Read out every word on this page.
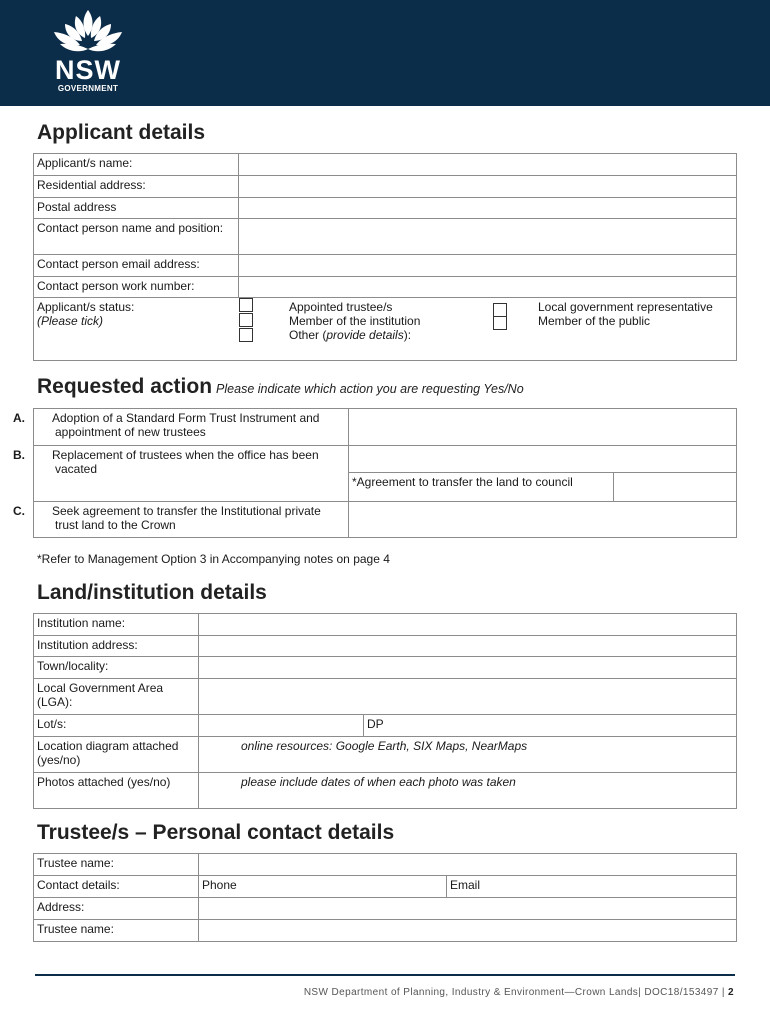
NSW
GOVERNMENT
Applicant details
Applicant/s name:	
Residential address:	
Postal address	
Contact person name and position:	
Contact person email address:	
Contact person work number:	

Applicant/s status:
(Please tick)	
Appointed trustee/s
Member of the institution
Other (provide details):
Local government representative
Member of the public
Requested action Please indicate which action you are requesting Yes/No
A. Adoption of a Standard Form Trust Instrument and appointment of new trustees		
B. Replacement of trustees when the office has been vacated		
	*Agreement to transfer the land to council	
C. Seek agreement to transfer the Institutional private trust land to the Crown		
*Refer to Management Option 3 in Accompanying notes on page 4
Land/institution details
Institution name:		
Institution address:		
Town/locality:		
Local Government Area (LGA):		
Lot/s:		DP
Location diagram attached (yes/no)	online resources: Google Earth, SIX Maps, NearMaps	
Photos attached (yes/no)	please include dates of when each photo was taken	
Trustee/s – Personal contact details
Trustee name:		
Contact details:	Phone	Email
Address:		
Trustee name:		
NSW Department of Planning, Industry & Environment—Crown Lands| DOC18/153497 | 2
